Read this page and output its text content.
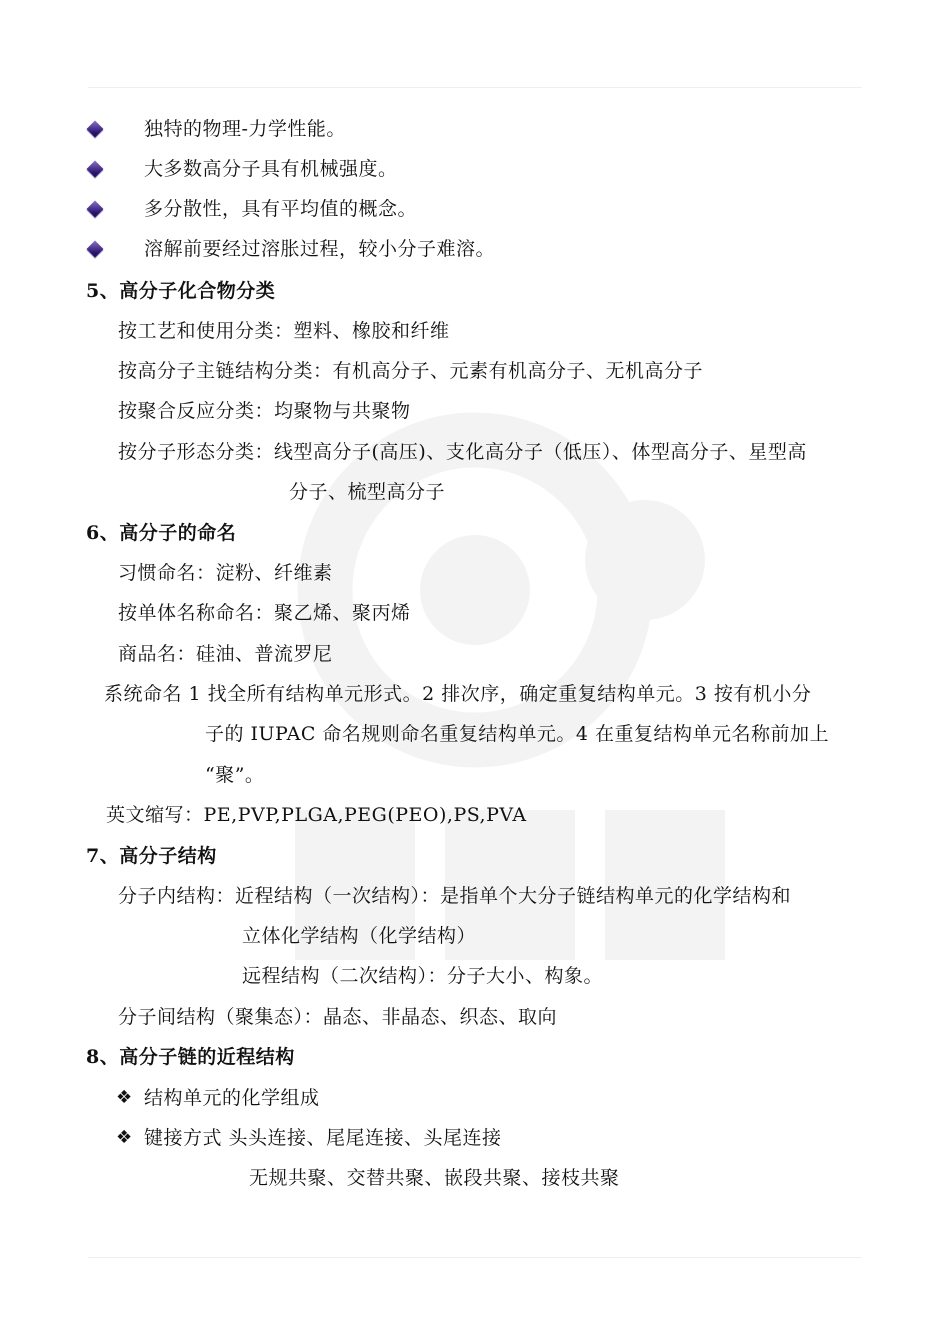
独特的物理-力学性能。
大多数高分子具有机械强度。
多分散性，具有平均值的概念。
溶解前要经过溶胀过程，较小分子难溶。
5、高分子化合物分类
按工艺和使用分类：塑料、橡胶和纤维
按高分子主链结构分类：有机高分子、元素有机高分子、无机高分子
按聚合反应分类：均聚物与共聚物
按分子形态分类：线型高分子(高压)、支化高分子（低压）、体型高分子、星型高
分子、梳型高分子
6、高分子的命名
习惯命名：淀粉、纤维素
按单体名称命名：聚乙烯、聚丙烯
商品名：硅油、普流罗尼
系统命名 1 找全所有结构单元形式。2 排次序，确定重复结构单元。3 按有机小分
子的 IUPAC 命名规则命名重复结构单元。4 在重复结构单元名称前加上
“聚”。
英文缩写：PE,PVP,PLGA,PEG(PEO),PS,PVA
7、高分子结构
分子内结构：近程结构（一次结构）：是指单个大分子链结构单元的化学结构和
立体化学结构（化学结构）
远程结构（二次结构）：分子大小、构象。
分子间结构（聚集态）：晶态、非晶态、织态、取向
8、高分子链的近程结构
❖ 结构单元的化学组成
❖ 键接方式 头头连接、尾尾连接、头尾连接
无规共聚、交替共聚、嵌段共聚、接枝共聚
